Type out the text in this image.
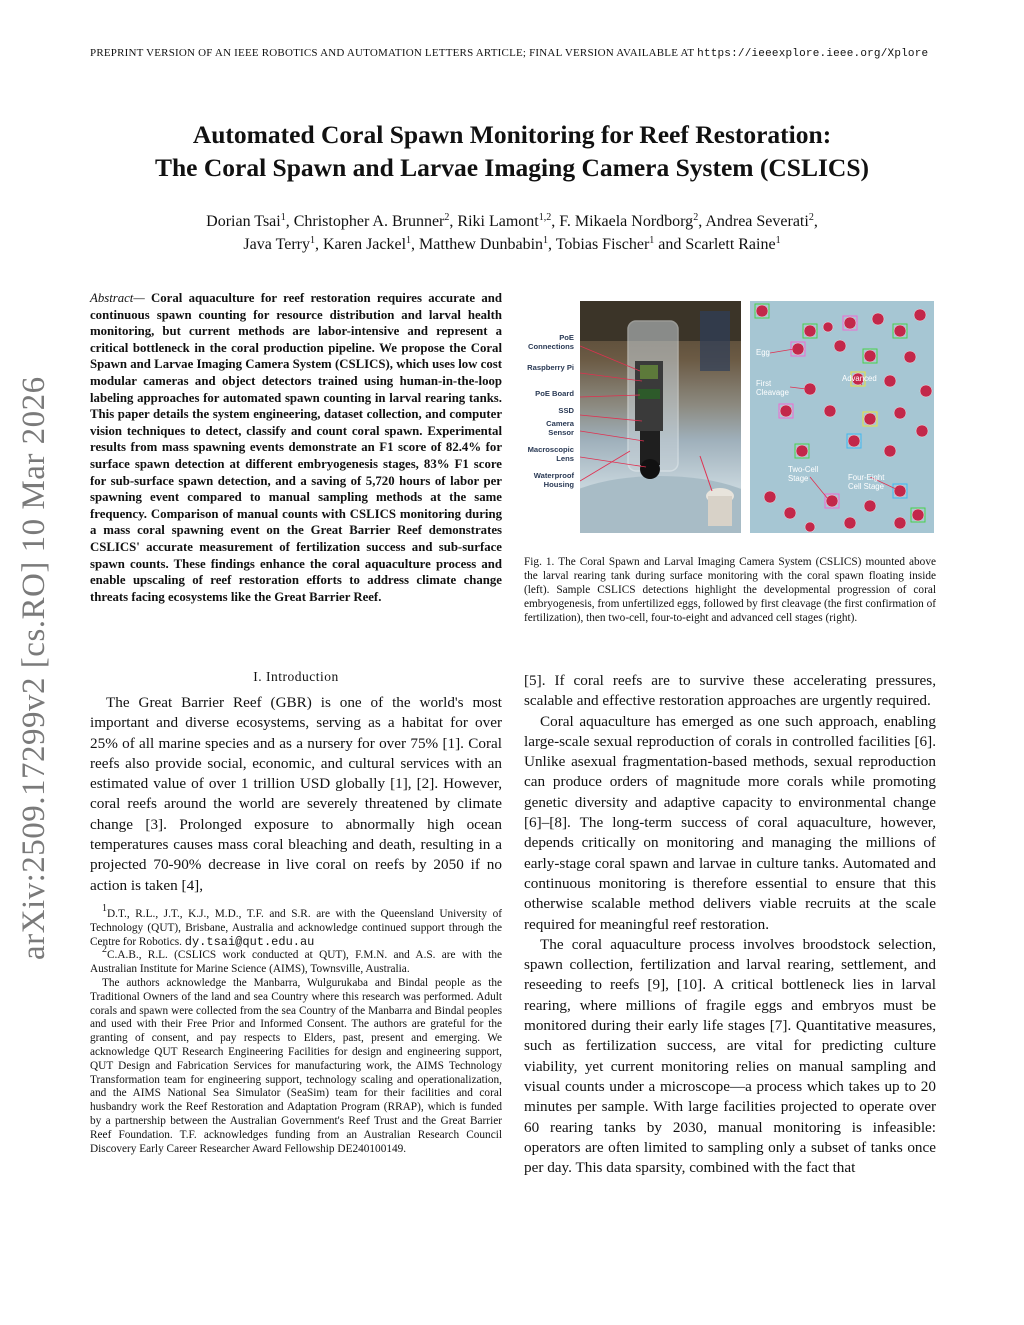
PREPRINT VERSION OF AN IEEE ROBOTICS AND AUTOMATION LETTERS ARTICLE; FINAL VERSION AVAILABLE AT https://ieeexplore.ieee.org/Xplore
arXiv:2509.17299v2 [cs.RO] 10 Mar 2026
Automated Coral Spawn Monitoring for Reef Restoration:
The Coral Spawn and Larvae Imaging Camera System (CSLICS)
Dorian Tsai$^1$, Christopher A. Brunner$^2$, Riki Lamont$^{1,2}$, F. Mikaela Nordborg$^2$, Andrea Severati$^2$,
Java Terry$^1$, Karen Jackel$^1$, Matthew Dunbabin$^1$, Tobias Fischer$^1$ and Scarlett Raine$^1$
Abstract— Coral aquaculture for reef restoration requires accurate and continuous spawn counting for resource distribution and larval health monitoring, but current methods are labor-intensive and represent a critical bottleneck in the coral production pipeline. We propose the Coral Spawn and Larvae Imaging Camera System (CSLICS), which uses low cost modular cameras and object detectors trained using human-in-the-loop labeling approaches for automated spawn counting in larval rearing tanks. This paper details the system engineering, dataset collection, and computer vision techniques to detect, classify and count coral spawn. Experimental results from mass spawning events demonstrate an F1 score of 82.4% for surface spawn detection at different embryogenesis stages, 83% F1 score for sub-surface spawn detection, and a saving of 5,720 hours of labor per spawning event compared to manual sampling methods at the same frequency. Comparison of manual counts with CSLICS monitoring during a mass coral spawning event on the Great Barrier Reef demonstrates CSLICS' accurate measurement of fertilization success and sub-surface spawn counts. These findings enhance the coral aquaculture process and enable upscaling of reef restoration efforts to address climate change threats facing ecosystems like the Great Barrier Reef.
I. Introduction

The Great Barrier Reef (GBR) is one of the world's most important and diverse ecosystems, serving as a habitat for over 25% of all marine species and as a nursery for over 75% [1]. Coral reefs also provide social, economic, and cultural services with an estimated value of over 1 trillion USD globally [1], [2]. However, coral reefs around the world are severely threatened by climate change [3]. Prolonged exposure to abnormally high ocean temperatures causes mass coral bleaching and death, resulting in a projected 70-90% decrease in live coral on reefs by 2050 if no action is taken [4],

$^1$D.T., R.L., J.T., K.J., M.D., T.F. and S.R. are with the Queensland University of Technology (QUT), Brisbane, Australia and acknowledge continued support through the Centre for Robotics. dy.tsai@qut.edu.au

$^2$C.A.B., R.L. (CSLICS work conducted at QUT), F.M.N. and A.S. are with the Australian Institute for Marine Science (AIMS), Townsville, Australia.

The authors acknowledge the Manbarra, Wulgurukaba and Bindal people as the Traditional Owners of the land and sea Country where this research was performed. Adult corals and spawn were collected from the sea Country of the Manbarra and Bindal peoples and used with their Free Prior and Informed Consent. The authors are grateful for the granting of consent, and pay respects to Elders, past, present and emerging. We acknowledge QUT Research Engineering Facilities for design and engineering support, QUT Design and Fabrication Services for manufacturing work, the AIMS Technology Transformation team for engineering support, technology scaling and operationalization, and the AIMS National Sea Simulator (SeaSim) team for their facilities and coral husbandry work the Reef Restoration and Adaptation Program (RRAP), which is funded by a partnership between the Australian Government's Reef Trust and the Great Barrier Reef Foundation. T.F. acknowledges funding from an Australian Research Council Discovery Early Career Researcher Award Fellowship DE240100149.

PoE Connections
Raspberry Pi
PoE Board
SSD
Camera Sensor
Macroscopic Lens
Waterproof Housing
Egg
First Cleavage
Advanced
Two-Cell Stage	Four-Eight Cell Stage
Fig. 1. The Coral Spawn and Larval Imaging Camera System (CSLICS) mounted above the larval rearing tank during surface monitoring with the coral spawn floating inside (left). Sample CSLICS detections highlight the developmental progression of coral embryogenesis, from unfertilized eggs, followed by first cleavage (the first confirmation of fertilization), then two-cell, four-to-eight and advanced cell stages (right).

[5]. If coral reefs are to survive these accelerating pressures, scalable and effective restoration approaches are urgently required.

Coral aquaculture has emerged as one such approach, enabling large-scale sexual reproduction of corals in controlled facilities [6]. Unlike asexual fragmentation-based methods, sexual reproduction can produce orders of magnitude more corals while promoting genetic diversity and adaptive capacity to environmental change [6]–[8]. The long-term success of coral aquaculture, however, depends critically on monitoring and managing the millions of early-stage coral spawn and larvae in culture tanks. Automated and continuous monitoring is therefore essential to ensure that this otherwise scalable method delivers viable recruits at the scale required for meaningful reef restoration.

The coral aquaculture process involves broodstock selection, spawn collection, fertilization and larval rearing, settlement, and reseeding to reefs [9], [10]. A critical bottleneck lies in larval rearing, where millions of fragile eggs and embryos must be monitored during their early life stages [7]. Quantitative measures, such as fertilization success, are vital for predicting culture viability, yet current monitoring relies on manual sampling and visual counts under a microscope—a process which takes up to 20 minutes per sample. With large facilities projected to operate over 60 rearing tanks by 2030, manual monitoring is infeasible: operators are often limited to sampling only a subset of tanks once per day. This data sparsity, combined with the fact that
